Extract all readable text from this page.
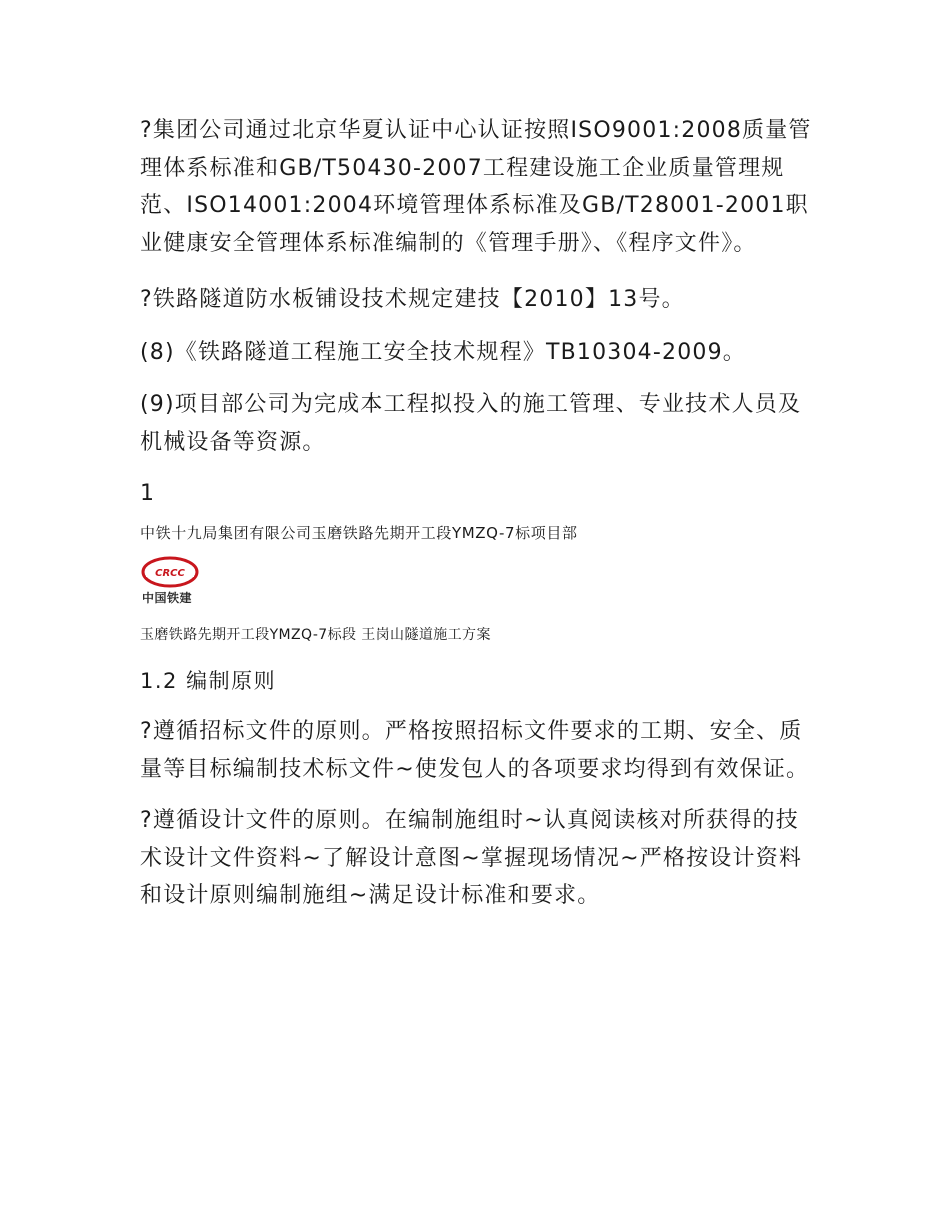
?集团公司通过北京华夏认证中心认证按照ISO9001:2008质量管理体系标准和GB/T50430-2007工程建设施工企业质量管理规范、ISO14001:2004环境管理体系标准及GB/T28001-2001职业健康安全管理体系标准编制的《管理手册》、《程序文件》。

?铁路隧道防水板铺设技术规定建技【2010】13号。

(8)《铁路隧道工程施工安全技术规程》TB10304-2009。

(9)项目部公司为完成本工程拟投入的施工管理、专业技术人员及机械设备等资源。

1

中铁十九局集团有限公司玉磨铁路先期开工段YMZQ-7标项目部

CRCC
中国铁建

玉磨铁路先期开工段YMZQ-7标段 王岗山隧道施工方案

1.2 编制原则

?遵循招标文件的原则。严格按照招标文件要求的工期、安全、质量等目标编制技术标文件~使发包人的各项要求均得到有效保证。

?遵循设计文件的原则。在编制施组时~认真阅读核对所获得的技术设计文件资料~了解设计意图~掌握现场情况~严格按设计资料和设计原则编制施组~满足设计标准和要求。
